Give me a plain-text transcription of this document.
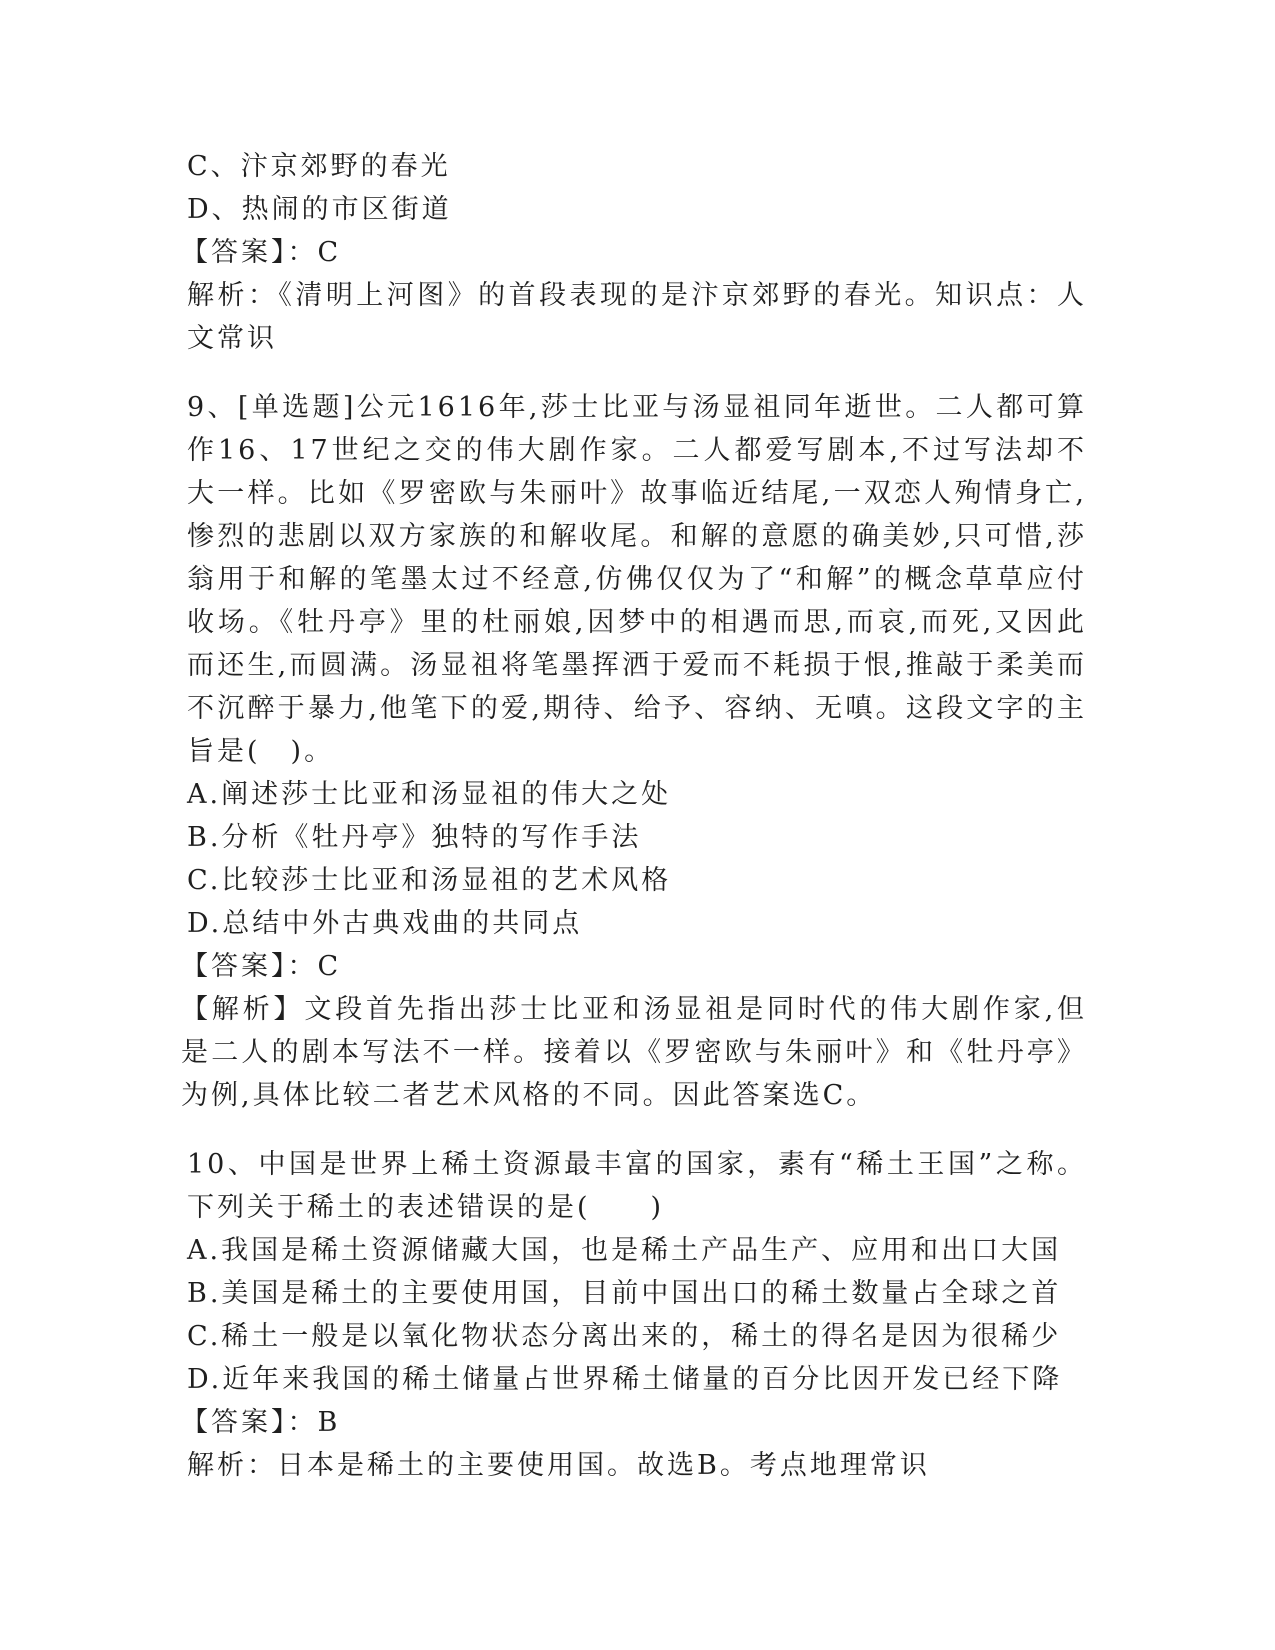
C、汴京郊野的春光
D、热闹的市区街道
【答案】：C

解析：《清明上河图》的首段表现的是汴京郊野的春光。知识点：人文常识

9、[单选题]公元1616年,莎士比亚与汤显祖同年逝世。二人都可算作16、17世纪之交的伟大剧作家。二人都爱写剧本,不过写法却不大一样。比如《罗密欧与朱丽叶》故事临近结尾,一双恋人殉情身亡,惨烈的悲剧以双方家族的和解收尾。和解的意愿的确美妙,只可惜,莎翁用于和解的笔墨太过不经意,仿佛仅仅为了“和解”的概念草草应付收场。《牡丹亭》里的杜丽娘,因梦中的相遇而思,而哀,而死,又因此而还生,而圆满。汤显祖将笔墨挥洒于爱而不耗损于恨,推敲于柔美而不沉醉于暴力,他笔下的爱,期待、给予、容纳、无嗔。这段文字的主旨是(　)。

A.阐述莎士比亚和汤显祖的伟大之处
B.分析《牡丹亭》独特的写作手法
C.比较莎士比亚和汤显祖的艺术风格
D.总结中外古典戏曲的共同点
【答案】：C

【解析】文段首先指出莎士比亚和汤显祖是同时代的伟大剧作家,但是二人的剧本写法不一样。接着以《罗密欧与朱丽叶》和《牡丹亭》为例,具体比较二者艺术风格的不同。因此答案选C。

10、中国是世界上稀土资源最丰富的国家，素有“稀土王国”之称。下列关于稀土的表述错误的是(　　)

A.我国是稀土资源储藏大国，也是稀土产品生产、应用和出口大国
B.美国是稀土的主要使用国，目前中国出口的稀土数量占全球之首
C.稀土一般是以氧化物状态分离出来的，稀土的得名是因为很稀少
D.近年来我国的稀土储量占世界稀土储量的百分比因开发已经下降
【答案】：B
解析：日本是稀土的主要使用国。故选B。考点地理常识
